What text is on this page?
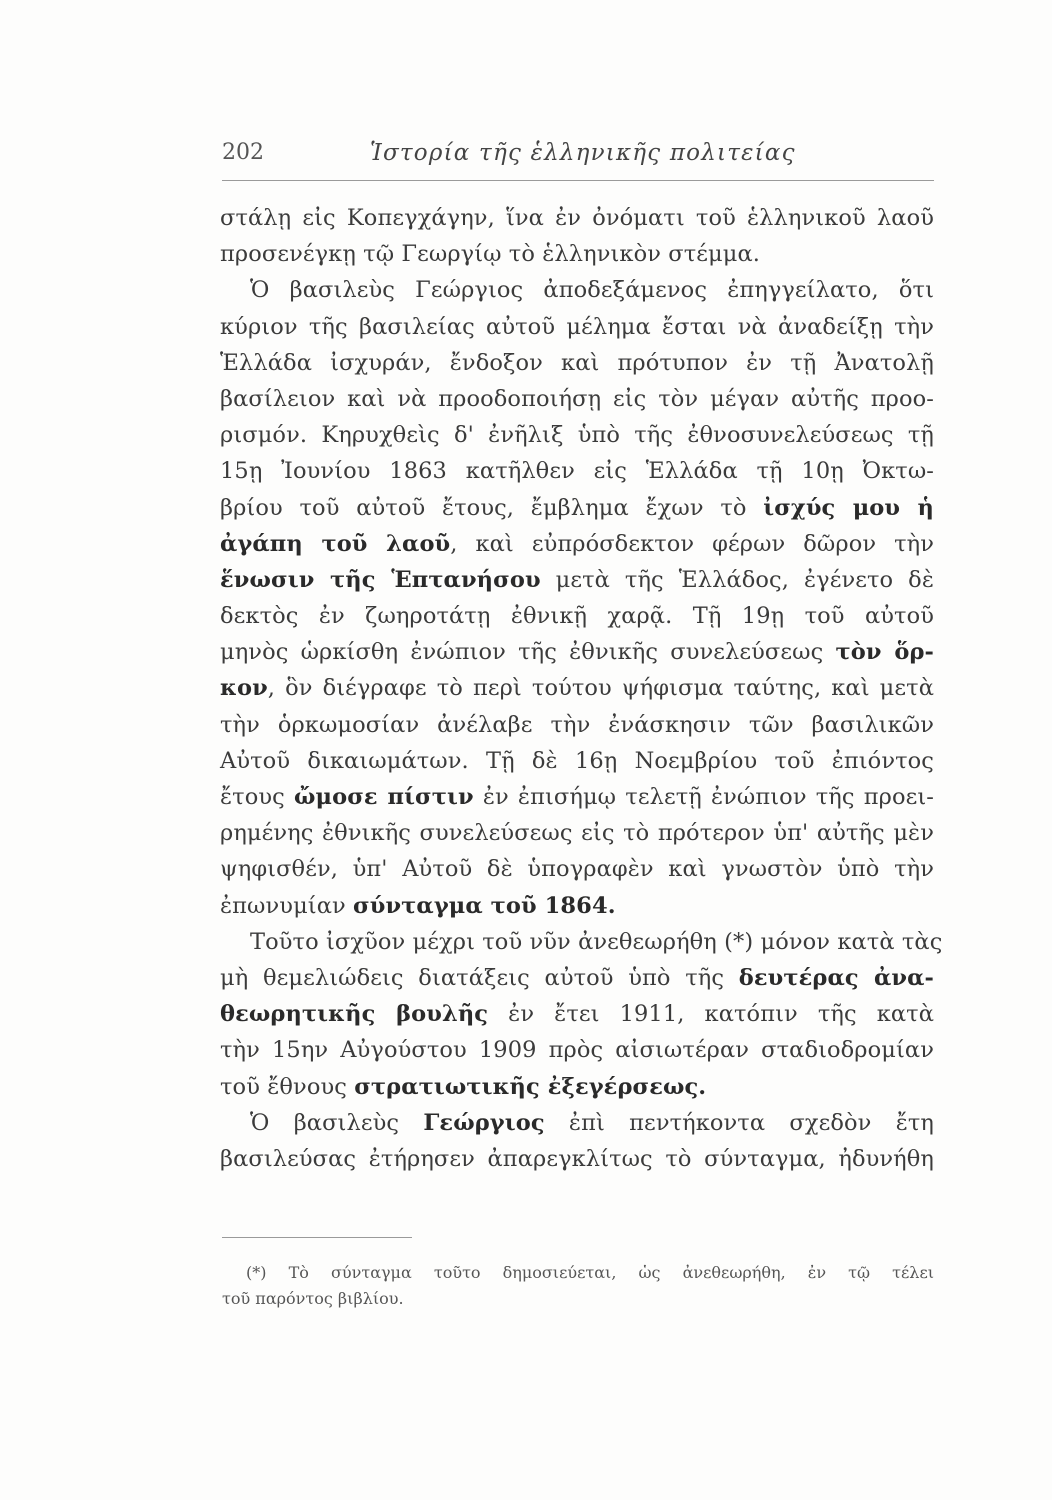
202	Ἱστορία τῆς ἑλληνικῆς πολιτείας
στάλῃ εἰς Κοπεγχάγην, ἵνα ἐν ὀνόματι τοῦ ἑλληνικοῦ λαοῦ
προσενέγκῃ τῷ Γεωργίῳ τὸ ἑλληνικὸν στέμμα.
Ὁ βασιλεὺς Γεώργιος ἀποδεξάμενος ἐπηγγείλατο, ὅτι
κύριον τῆς βασιλείας αὐτοῦ μέλημα ἔσται νὰ ἀναδείξῃ τὴν
Ἑλλάδα ἰσχυράν, ἔνδοξον καὶ πρότυπον ἐν τῇ Ἀνατολῇ
βασίλειον καὶ νὰ προοδοποιήσῃ εἰς τὸν μέγαν αὐτῆς προο-
ρισμόν. Κηρυχθεὶς δ' ἐνῆλιξ ὑπὸ τῆς ἐθνοσυνελεύσεως τῇ
15ῃ Ἰουνίου 1863 κατῆλθεν εἰς Ἑλλάδα τῇ 10ῃ Ὀκτω-
βρίου τοῦ αὐτοῦ ἔτους, ἔμβλημα ἔχων τὸ ἰσχύς μου ἡ
ἀγάπη τοῦ λαοῦ, καὶ εὐπρόσδεκτον φέρων δῶρον τὴν
ἕνωσιν τῆς Ἑπτανήσου μετὰ τῆς Ἑλλάδος, ἐγένετο δὲ
δεκτὸς ἐν ζωηροτάτῃ ἐθνικῇ χαρᾷ. Τῇ 19ῃ τοῦ αὐτοῦ
μηνὸς ὡρκίσθη ἐνώπιον τῆς ἐθνικῆς συνελεύσεως τὸν ὅρ-
κον, ὃν διέγραφε τὸ περὶ τούτου ψήφισμα ταύτης, καὶ μετὰ
τὴν ὁρκωμοσίαν ἀνέλαβε τὴν ἐνάσκησιν τῶν βασιλικῶν
Αὐτοῦ δικαιωμάτων. Τῇ δὲ 16ῃ Νοεμβρίου τοῦ ἐπιόντος
ἔτους ὤμοσε πίστιν ἐν ἐπισήμῳ τελετῇ ἐνώπιον τῆς προει-
ρημένης ἐθνικῆς συνελεύσεως εἰς τὸ πρότερον ὑπ' αὐτῆς μὲν
ψηφισθέν, ὑπ' Αὐτοῦ δὲ ὑπογραφὲν καὶ γνωστὸν ὑπὸ τὴν
ἐπωνυμίαν σύνταγμα τοῦ 1864.
Τοῦτο ἰσχῦον μέχρι τοῦ νῦν ἀνεθεωρήθη (*) μόνον κατὰ τὰς
μὴ θεμελιώδεις διατάξεις αὐτοῦ ὑπὸ τῆς δευτέρας ἀνα-
θεωρητικῆς βουλῆς ἐν ἔτει 1911, κατόπιν τῆς κατὰ
τὴν 15ην Αὐγούστου 1909 πρὸς αἰσιωτέραν σταδιοδρομίαν
τοῦ ἔθνους στρατιωτικῆς ἐξεγέρσεως.
Ὁ βασιλεὺς Γεώργιος ἐπὶ πεντήκοντα σχεδὸν ἔτη
βασιλεύσας ἐτήρησεν ἀπαρεγκλίτως τὸ σύνταγμα, ἠδυνήθη
(*) Τὸ σύνταγμα τοῦτο δημοσιεύεται, ὡς ἀνεθεωρήθη, ἐν τῷ τέλει
τοῦ παρόντος βιβλίου.
